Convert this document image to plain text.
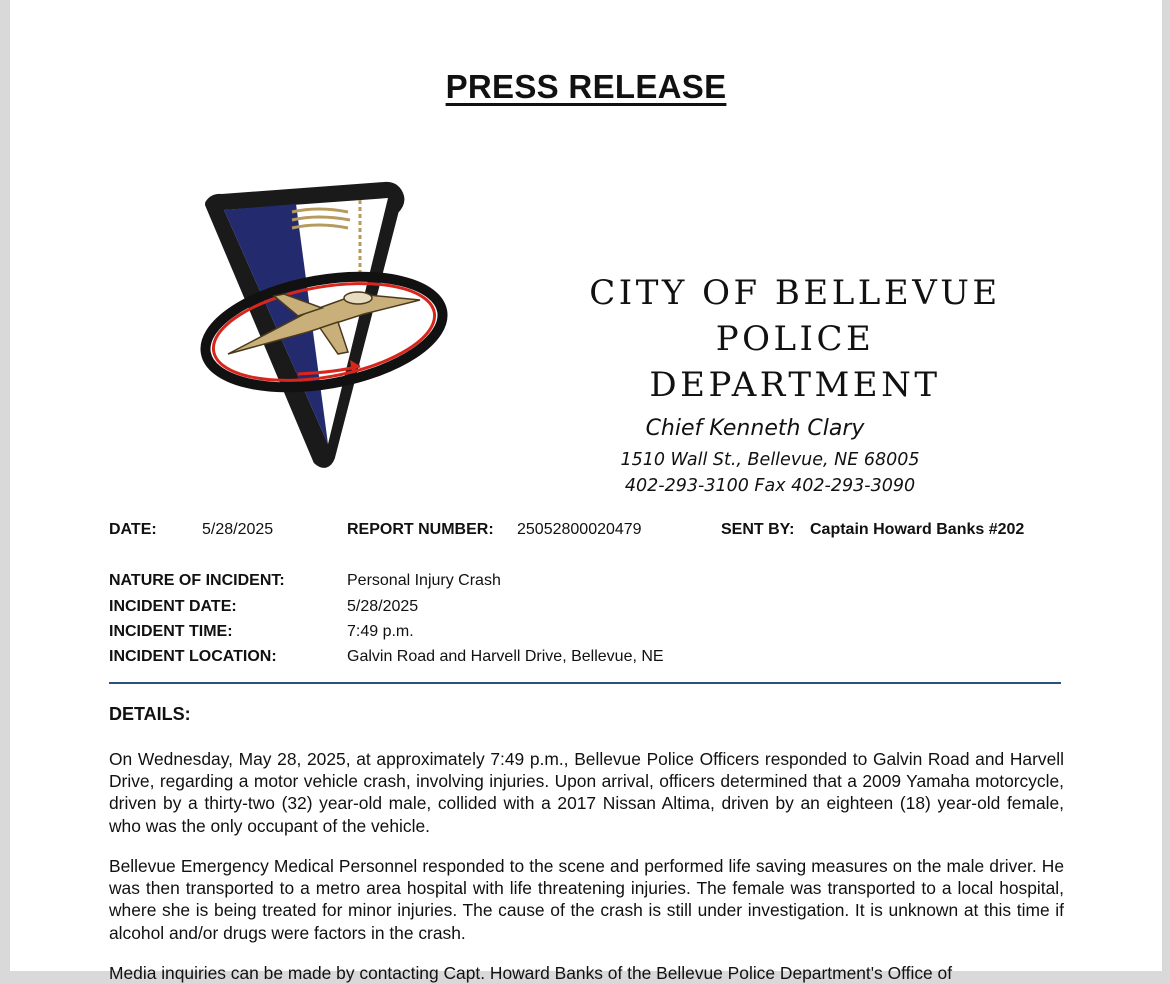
PRESS RELEASE
CITY OF BELLEVUE
POLICE DEPARTMENT
Chief Kenneth Clary
1510 Wall St., Bellevue, NE 68005
402-293-3100 Fax 402-293-3090
DATE:	5/28/2025	REPORT NUMBER: 25052800020479	SENT BY: Captain Howard Banks #202
NATURE OF INCIDENT:	Personal Injury Crash
INCIDENT DATE:	5/28/2025
INCIDENT TIME:	7:49 p.m.
INCIDENT LOCATION:	Galvin Road and Harvell Drive, Bellevue, NE
DETAILS:
On Wednesday, May 28, 2025, at approximately 7:49 p.m., Bellevue Police Officers responded to Galvin Road and Harvell Drive, regarding a motor vehicle crash, involving injuries. Upon arrival, officers determined that a 2009 Yamaha motorcycle, driven by a thirty-two (32) year-old male, collided with a 2017 Nissan Altima, driven by an eighteen (18) year-old female, who was the only occupant of the vehicle.
Bellevue Emergency Medical Personnel responded to the scene and performed life saving measures on the male driver. He was then transported to a metro area hospital with life threatening injuries. The female was transported to a local hospital, where she is being treated for minor injuries. The cause of the crash is still under investigation. It is unknown at this time if alcohol and/or drugs were factors in the crash.
Media inquiries can be made by contacting Capt. Howard Banks of the Bellevue Police Department's Office of
